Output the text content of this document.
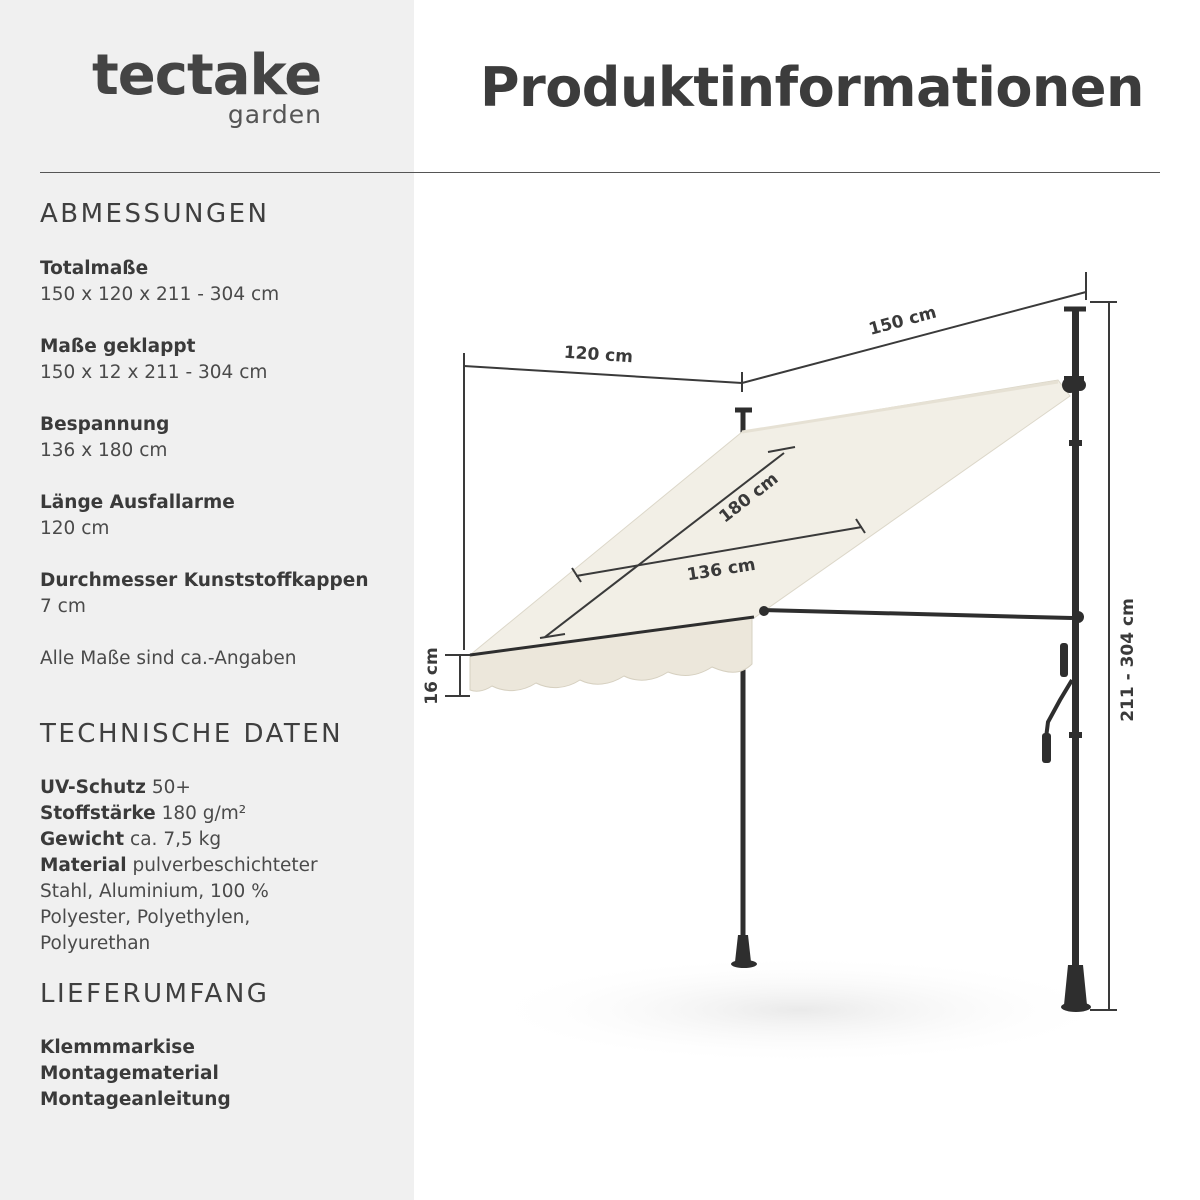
tectake
garden	Produktinformationen
ABMESSUNGEN
Totalmaße
150 x 120 x 211 - 304 cm
Maße geklappt
150 x 12 x 211 - 304 cm
Bespannung
136 x 180 cm
Länge Ausfallarme
120 cm
Durchmesser Kunststoffkappen
7 cm
Alle Maße sind ca.-Angaben
TECHNISCHE DATEN
UV-Schutz 50+
Stoffstärke 180 g/m²
Gewicht ca. 7,5 kg
Material pulverbeschichteter
Stahl, Aluminium, 100 %
Polyester, Polyethylen,
Polyurethan
LIEFERUMFANG
Klemmmarkise
Montagematerial
Montageanleitung
120 cm
150 cm
180 cm
136 cm
16 cm	211 - 304 cm
